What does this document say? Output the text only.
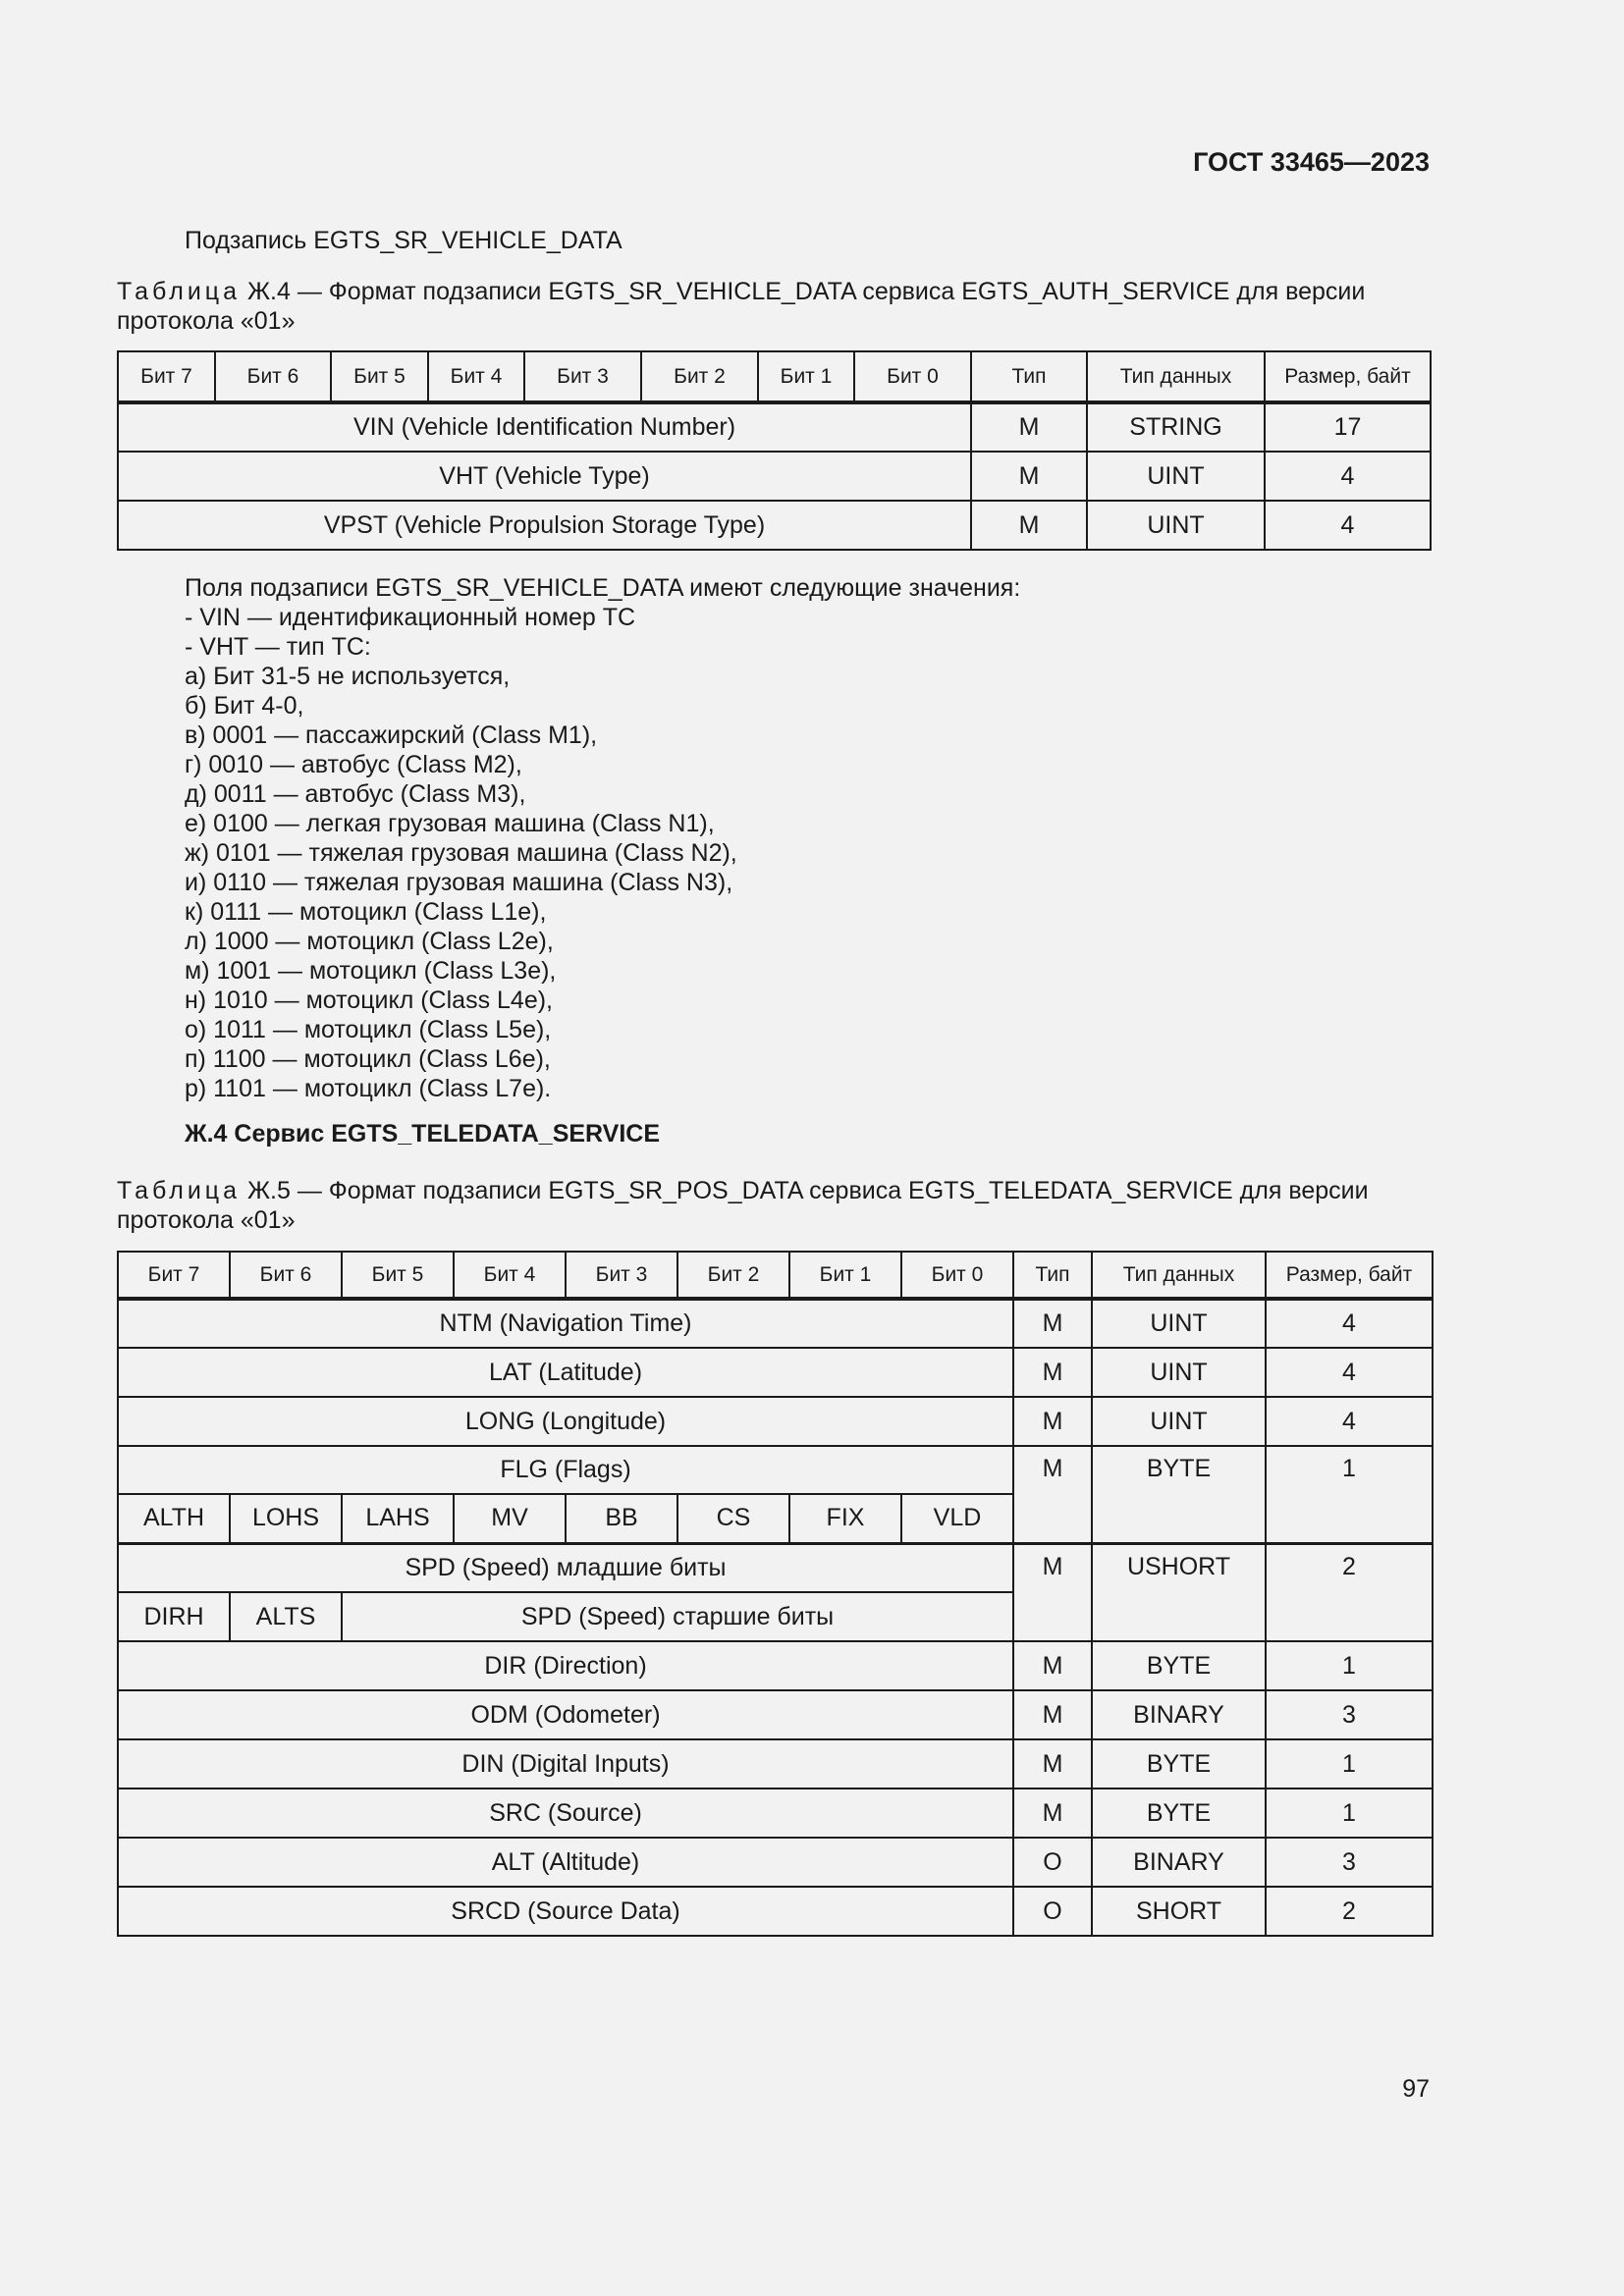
ГОСТ 33465—2023
Подзапись EGTS_SR_VEHICLE_DATA
Таблица Ж.4 — Формат подзаписи EGTS_SR_VEHICLE_DATA сервиса EGTS_AUTH_SERVICE для версии протокола «01»
Бит 7	Бит 6	Бит 5	Бит 4	Бит 3	Бит 2	Бит 1	Бит 0	Тип	Тип данных	Размер, байт
VIN (Vehicle Identification Number)								M	STRING	17
VHT (Vehicle Type)								M	UINT	4
VPST (Vehicle Propulsion Storage Type)								M	UINT	4
Поля подзаписи EGTS_SR_VEHICLE_DATA имеют следующие значения:
- VIN — идентификационный номер ТС
- VHT — тип ТС:
а) Бит 31-5 не используется,
б) Бит 4-0,
в) 0001 — пассажирский (Class M1),
г) 0010 — автобус (Class M2),
д) 0011 — автобус (Class M3),
е) 0100 — легкая грузовая машина (Class N1),
ж) 0101 — тяжелая грузовая машина (Class N2),
и) 0110 — тяжелая грузовая машина (Class N3),
к) 0111 — мотоцикл (Class L1e),
л) 1000 — мотоцикл (Class L2e),
м) 1001 — мотоцикл (Class L3e),
н) 1010 — мотоцикл (Class L4e),
о) 1011 — мотоцикл (Class L5e),
п) 1100 — мотоцикл (Class L6e),
р) 1101 — мотоцикл (Class L7e).
Ж.4 Сервис EGTS_TELEDATA_SERVICE
Таблица Ж.5 — Формат подзаписи EGTS_SR_POS_DATA сервиса EGTS_TELEDATA_SERVICE для версии протокола «01»
Бит 7	Бит 6	Бит 5	Бит 4	Бит 3	Бит 2	Бит 1	Бит 0	Тип	Тип данных	Размер, байт
NTM (Navigation Time)								M	UINT	4
LAT (Latitude)								M	UINT	4
LONG (Longitude)								M	UINT	4
FLG (Flags)								M	BYTE	1
ALTH	LOHS	LAHS	MV	BB	CS	FIX	VLD			
SPD (Speed) младшие биты								M	USHORT	2
DIRH	ALTS	SPD (Speed) старшие биты								
DIR (Direction)								M	BYTE	1
ODM (Odometer)								M	BINARY	3
DIN (Digital Inputs)								M	BYTE	1
SRC (Source)								M	BYTE	1
ALT (Altitude)								O	BINARY	3
SRCD (Source Data)								O	SHORT	2
97
